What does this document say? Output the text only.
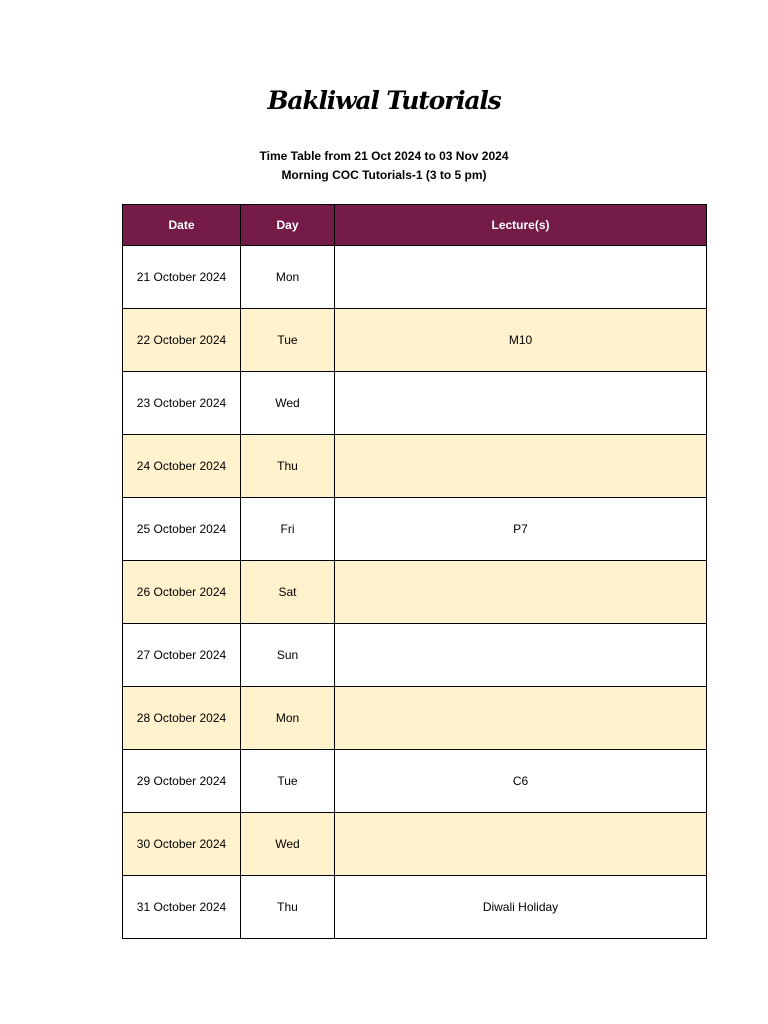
Bakliwal Tutorials
Time Table from 21 Oct 2024 to 03 Nov 2024
Morning COC Tutorials-1 (3 to 5 pm)
Date	Day	Lecture(s)
21 October 2024	Mon	
22 October 2024	Tue	M10
23 October 2024	Wed	
24 October 2024	Thu	
25 October 2024	Fri	P7
26 October 2024	Sat	
27 October 2024	Sun	
28 October 2024	Mon	
29 October 2024	Tue	C6
30 October 2024	Wed	
31 October 2024	Thu	Diwali Holiday
